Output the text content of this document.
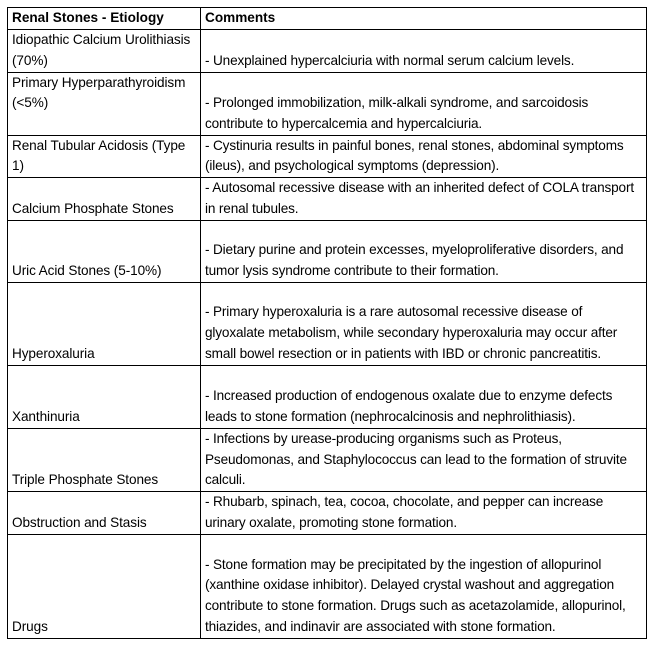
Renal Stones - Etiology	Comments
Idiopathic Calcium Urolithiasis (70%)	- Unexplained hypercalciuria with normal serum calcium levels.
Primary Hyperparathyroidism (<5%)	- Prolonged immobilization, milk-alkali syndrome, and sarcoidosis contribute to hypercalcemia and hypercalciuria.
Renal Tubular Acidosis (Type 1)	- Cystinuria results in painful bones, renal stones, abdominal symptoms (ileus), and psychological symptoms (depression).
Calcium Phosphate Stones	- Autosomal recessive disease with an inherited defect of COLA transport in renal tubules.
Uric Acid Stones (5-10%)	- Dietary purine and protein excesses, myeloproliferative disorders, and tumor lysis syndrome contribute to their formation.
Hyperoxaluria	- Primary hyperoxaluria is a rare autosomal recessive disease of glyoxalate metabolism, while secondary hyperoxaluria may occur after small bowel resection or in patients with IBD or chronic pancreatitis.
Xanthinuria	- Increased production of endogenous oxalate due to enzyme defects leads to stone formation (nephrocalcinosis and nephrolithiasis).
Triple Phosphate Stones	- Infections by urease-producing organisms such as Proteus, Pseudomonas, and Staphylococcus can lead to the formation of struvite calculi.
Obstruction and Stasis	- Rhubarb, spinach, tea, cocoa, chocolate, and pepper can increase urinary oxalate, promoting stone formation.
Drugs	- Stone formation may be precipitated by the ingestion of allopurinol (xanthine oxidase inhibitor). Delayed crystal washout and aggregation contribute to stone formation. Drugs such as acetazolamide, allopurinol, thiazides, and indinavir are associated with stone formation.
